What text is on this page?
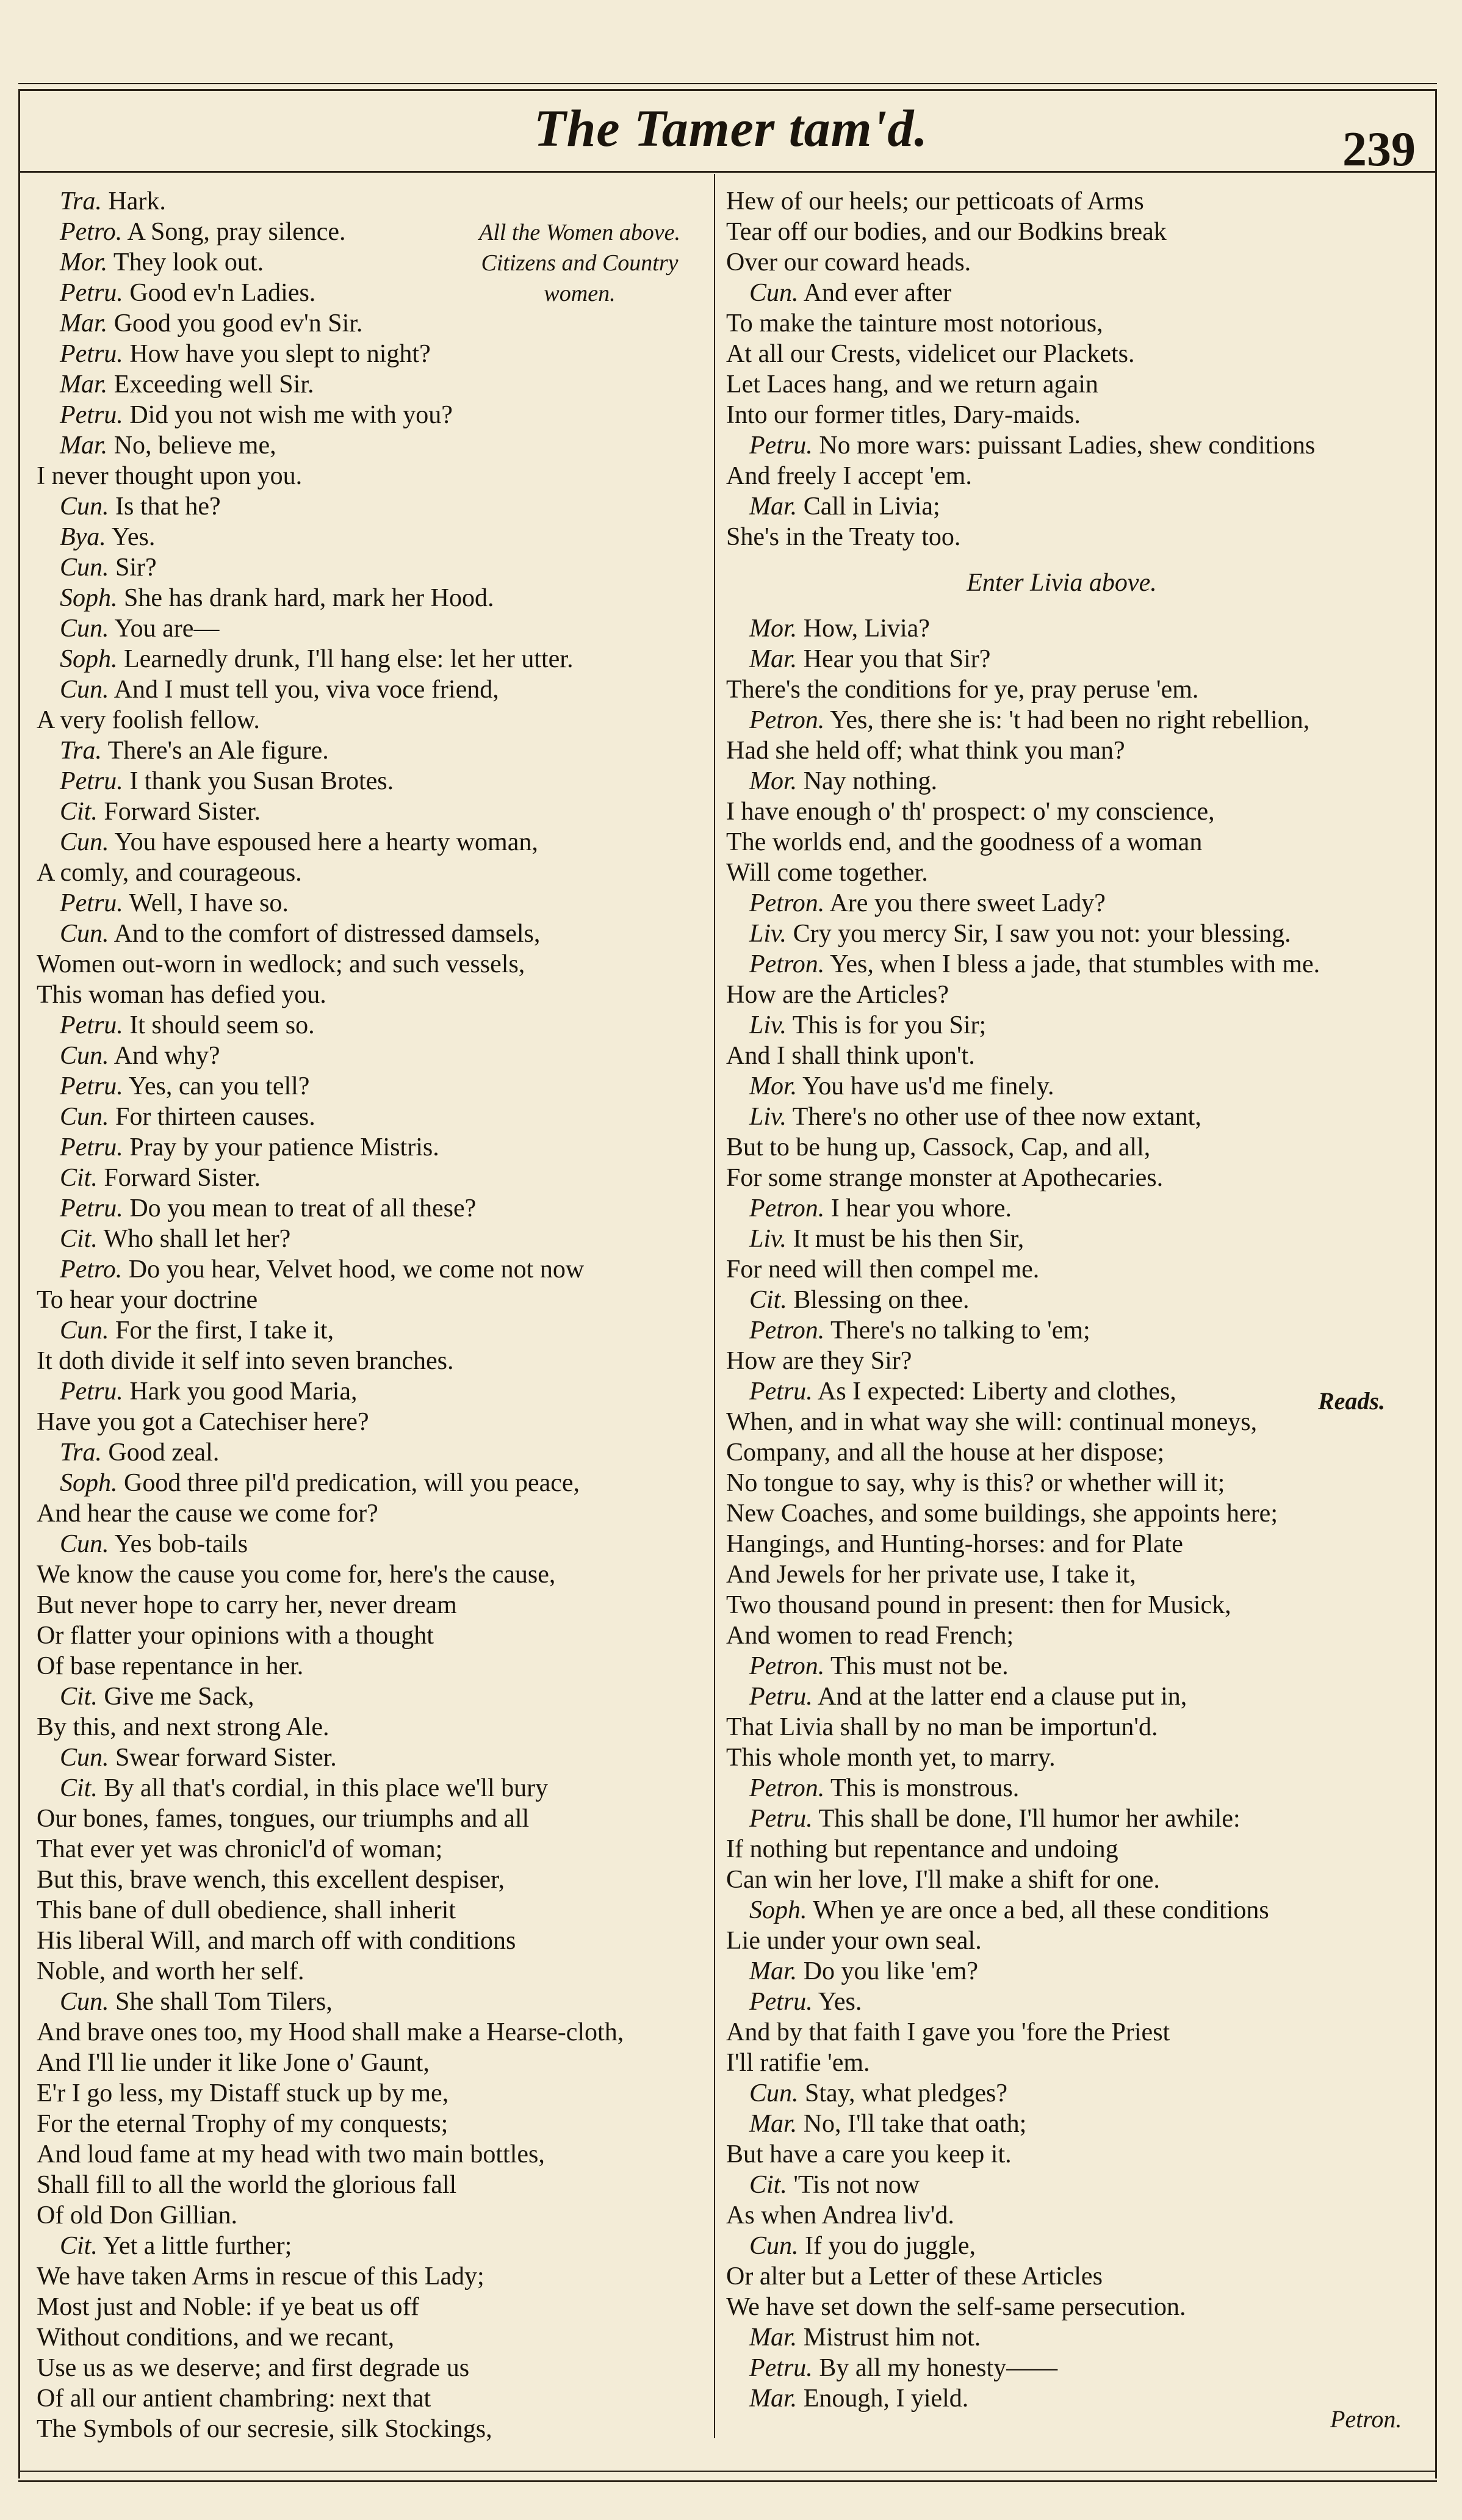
The Tamer tam'd.	239
Tra. Hark.
Petro. A Song, pray silence.
Mor. They look out.
Petru. Good ev'n Ladies.
Mar. Good you good ev'n Sir.
Petru. How have you slept to night?
Mar. Exceeding well Sir.
Petru. Did you not wish me with you?
Mar. No, believe me,
I never thought upon you.
Cun. Is that he?
Bya. Yes.
Cun. Sir?
Soph. She has drank hard, mark her Hood.
Cun. You are—
Soph. Learnedly drunk, I'll hang else: let her utter.
Cun. And I must tell you, viva voce friend,
A very foolish fellow.
Tra. There's an Ale figure.
Petru. I thank you Susan Brotes.
Cit. Forward Sister.
Cun. You have espoused here a hearty woman,
A comly, and courageous.
Petru. Well, I have so.
Cun. And to the comfort of distressed damsels,
Women out-worn in wedlock; and such vessels,
This woman has defied you.
Petru. It should seem so.
Cun. And why?
Petru. Yes, can you tell?
Cun. For thirteen causes.
Petru. Pray by your patience Mistris.
Cit. Forward Sister.
Petru. Do you mean to treat of all these?
Cit. Who shall let her?
Petro. Do you hear, Velvet hood, we come not now
To hear your doctrine
Cun. For the first, I take it,
It doth divide it self into seven branches.
Petru. Hark you good Maria,
Have you got a Catechiser here?
Tra. Good zeal.
Soph. Good three pil'd predication, will you peace,
And hear the cause we come for?
Cun. Yes bob-tails
We know the cause you come for, here's the cause,
But never hope to carry her, never dream
Or flatter your opinions with a thought
Of base repentance in her.
Cit. Give me Sack,
By this, and next strong Ale.
Cun. Swear forward Sister.
Cit. By all that's cordial, in this place we'll bury
Our bones, fames, tongues, our triumphs and all
That ever yet was chronicl'd of woman;
But this, brave wench, this excellent despiser,
This bane of dull obedience, shall inherit
His liberal Will, and march off with conditions
Noble, and worth her self.
Cun. She shall Tom Tilers,
And brave ones too, my Hood shall make a Hearse-cloth,
And I'll lie under it like Jone o' Gaunt,
E'r I go less, my Distaff stuck up by me,
For the eternal Trophy of my conquests;
And loud fame at my head with two main bottles,
Shall fill to all the world the glorious fall
Of old Don Gillian.
Cit. Yet a little further;
We have taken Arms in rescue of this Lady;
Most just and Noble: if ye beat us off
Without conditions, and we recant,
Use us as we deserve; and first degrade us
Of all our antient chambring: next that
The Symbols of our secresie, silk Stockings,
Hew of our heels; our petticoats of Arms
Tear off our bodies, and our Bodkins break
Over our coward heads.
Cun. And ever after
To make the tainture most notorious,
At all our Crests, videlicet our Plackets.
Let Laces hang, and we return again
Into our former titles, Dary-maids.
Petru. No more wars: puissant Ladies, shew conditions
And freely I accept 'em.
Mar. Call in Livia;
She's in the Treaty too.
Enter Livia above.
Mor. How, Livia?
Mar. Hear you that Sir?
There's the conditions for ye, pray peruse 'em.
Petron. Yes, there she is: 't had been no right rebellion,
Had she held off; what think you man?
Mor. Nay nothing.
I have enough o' th' prospect: o' my conscience,
The worlds end, and the goodness of a woman
Will come together.
Petron. Are you there sweet Lady?
Liv. Cry you mercy Sir, I saw you not: your blessing.
Petron. Yes, when I bless a jade, that stumbles with me.
How are the Articles?
Liv. This is for you Sir;
And I shall think upon't.
Mor. You have us'd me finely.
Liv. There's no other use of thee now extant,
But to be hung up, Cassock, Cap, and all,
For some strange monster at Apothecaries.
Petron. I hear you whore.
Liv. It must be his then Sir,
For need will then compel me.
Cit. Blessing on thee.
Petron. There's no talking to 'em;
How are they Sir?
Petru. As I expected: Liberty and clothes,
When, and in what way she will: continual moneys,
Company, and all the house at her dispose;
No tongue to say, why is this? or whether will it;
New Coaches, and some buildings, she appoints here;
Hangings, and Hunting-horses: and for Plate
And Jewels for her private use, I take it,
Two thousand pound in present: then for Musick,
And women to read French;
Petron. This must not be.
Petru. And at the latter end a clause put in,
That Livia shall by no man be importun'd.
This whole month yet, to marry.
Petron. This is monstrous.
Petru. This shall be done, I'll humor her awhile:
If nothing but repentance and undoing
Can win her love, I'll make a shift for one.
Soph. When ye are once a bed, all these conditions
Lie under your own seal.
Mar. Do you like 'em?
Petru. Yes.
And by that faith I gave you 'fore the Priest
I'll ratifie 'em.
Cun. Stay, what pledges?
Mar. No, I'll take that oath;
But have a care you keep it.
Cit. 'Tis not now
As when Andrea liv'd.
Cun. If you do juggle,
Or alter but a Letter of these Articles
We have set down the self-same persecution.
Mar. Mistrust him not.
Petru. By all my honesty——
Mar. Enough, I yield.
All the Women above.
Citizens and Country
women.
Reads.
Petron.
